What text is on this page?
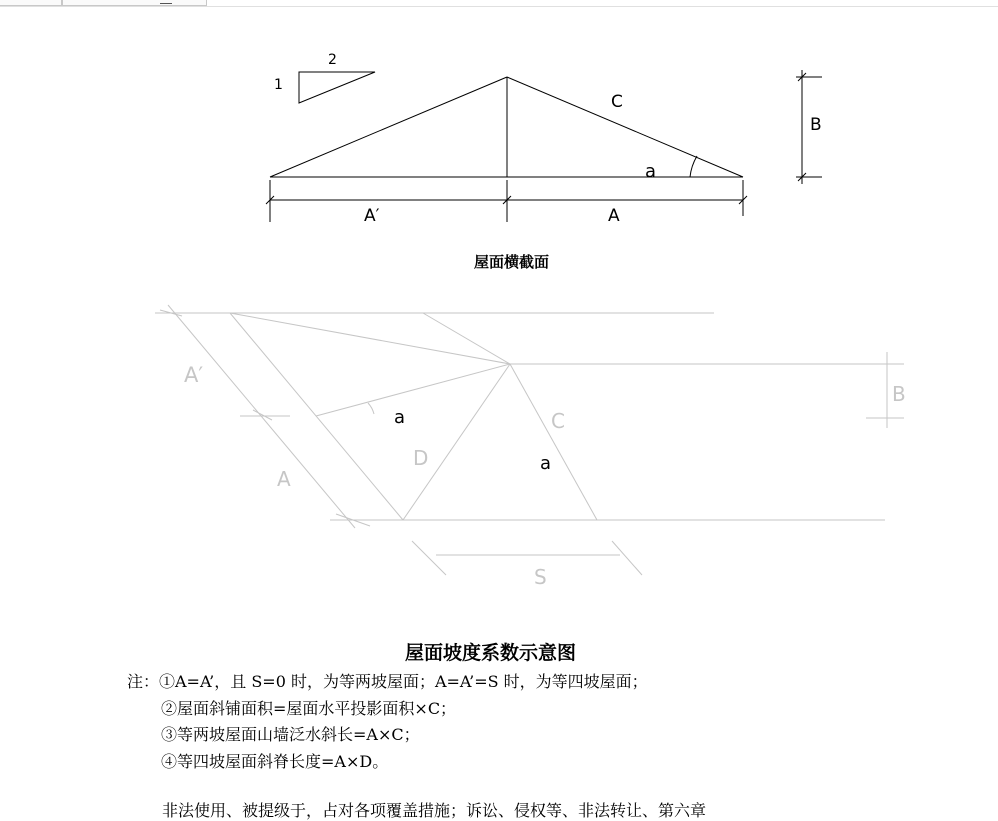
1
2
C
a
B
A′	A
A′
A
a
a
C
D
B
S
屋面横截面
屋面坡度系数示意图
注：①A=A’，且 S=0 时，为等两坡屋面；A=A’=S 时，为等四坡屋面；
②屋面斜铺面积=屋面水平投影面积×C；
③等两坡屋面山墙泛水斜长=A×C；
④等四坡屋面斜脊长度=A×D。
非法使用、被提级于，占对各项覆盖措施；诉讼、侵权等、非法转让、第六章
